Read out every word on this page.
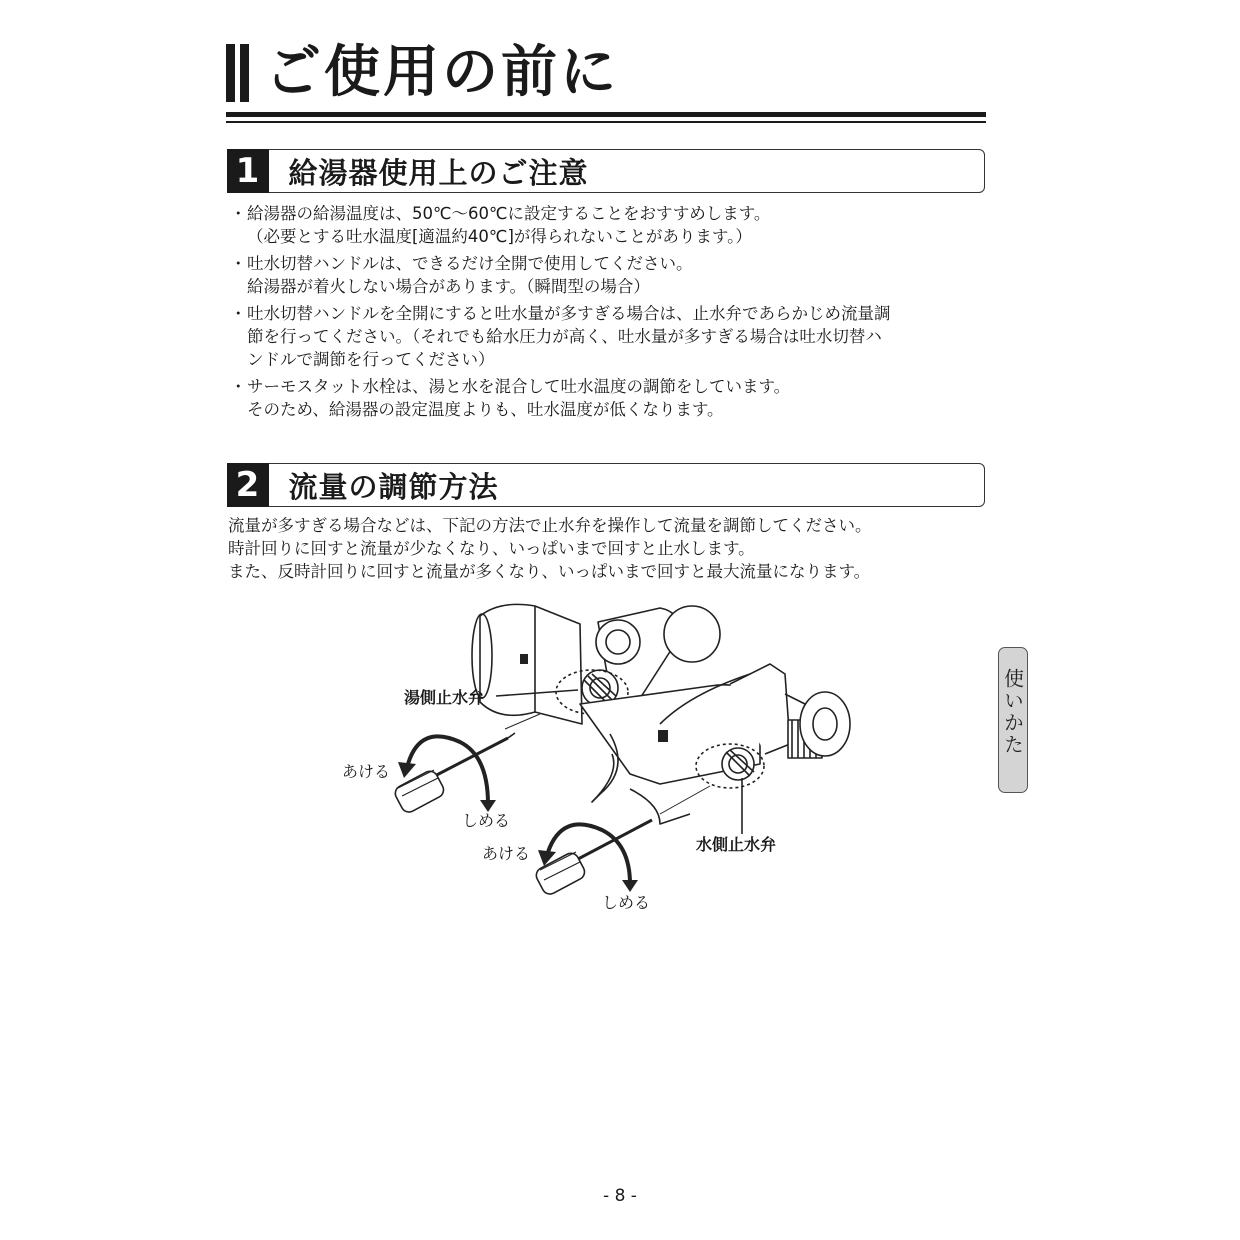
ご使用の前に
1	給湯器使用上のご注意
・ 給湯器の給湯温度は、50℃～60℃に設定することをおすすめします。
（必要とする吐水温度[適温約40℃]が得られないことがあります。）
・ 吐水切替ハンドルは、できるだけ全開で使用してください。
給湯器が着火しない場合があります。（瞬間型の場合）
・ 吐水切替ハンドルを全開にすると吐水量が多すぎる場合は、止水弁であらかじめ流量調
節を行ってください。（それでも給水圧力が高く、吐水量が多すぎる場合は吐水切替ハ
ンドルで調節を行ってください）
・ サーモスタット水栓は、湯と水を混合して吐水温度の調節をしています。
そのため、給湯器の設定温度よりも、吐水温度が低くなります。
2	流量の調節方法
流量が多すぎる場合などは、下記の方法で止水弁を操作して流量を調節してください。
時計回りに回すと流量が少なくなり、いっぱいまで回すと止水します。
また、反時計回りに回すと流量が多くなり、いっぱいまで回すと最大流量になります。
湯側止水弁
水側止水弁
あける
しめる
あける
しめる
使いかた
- 8 -
